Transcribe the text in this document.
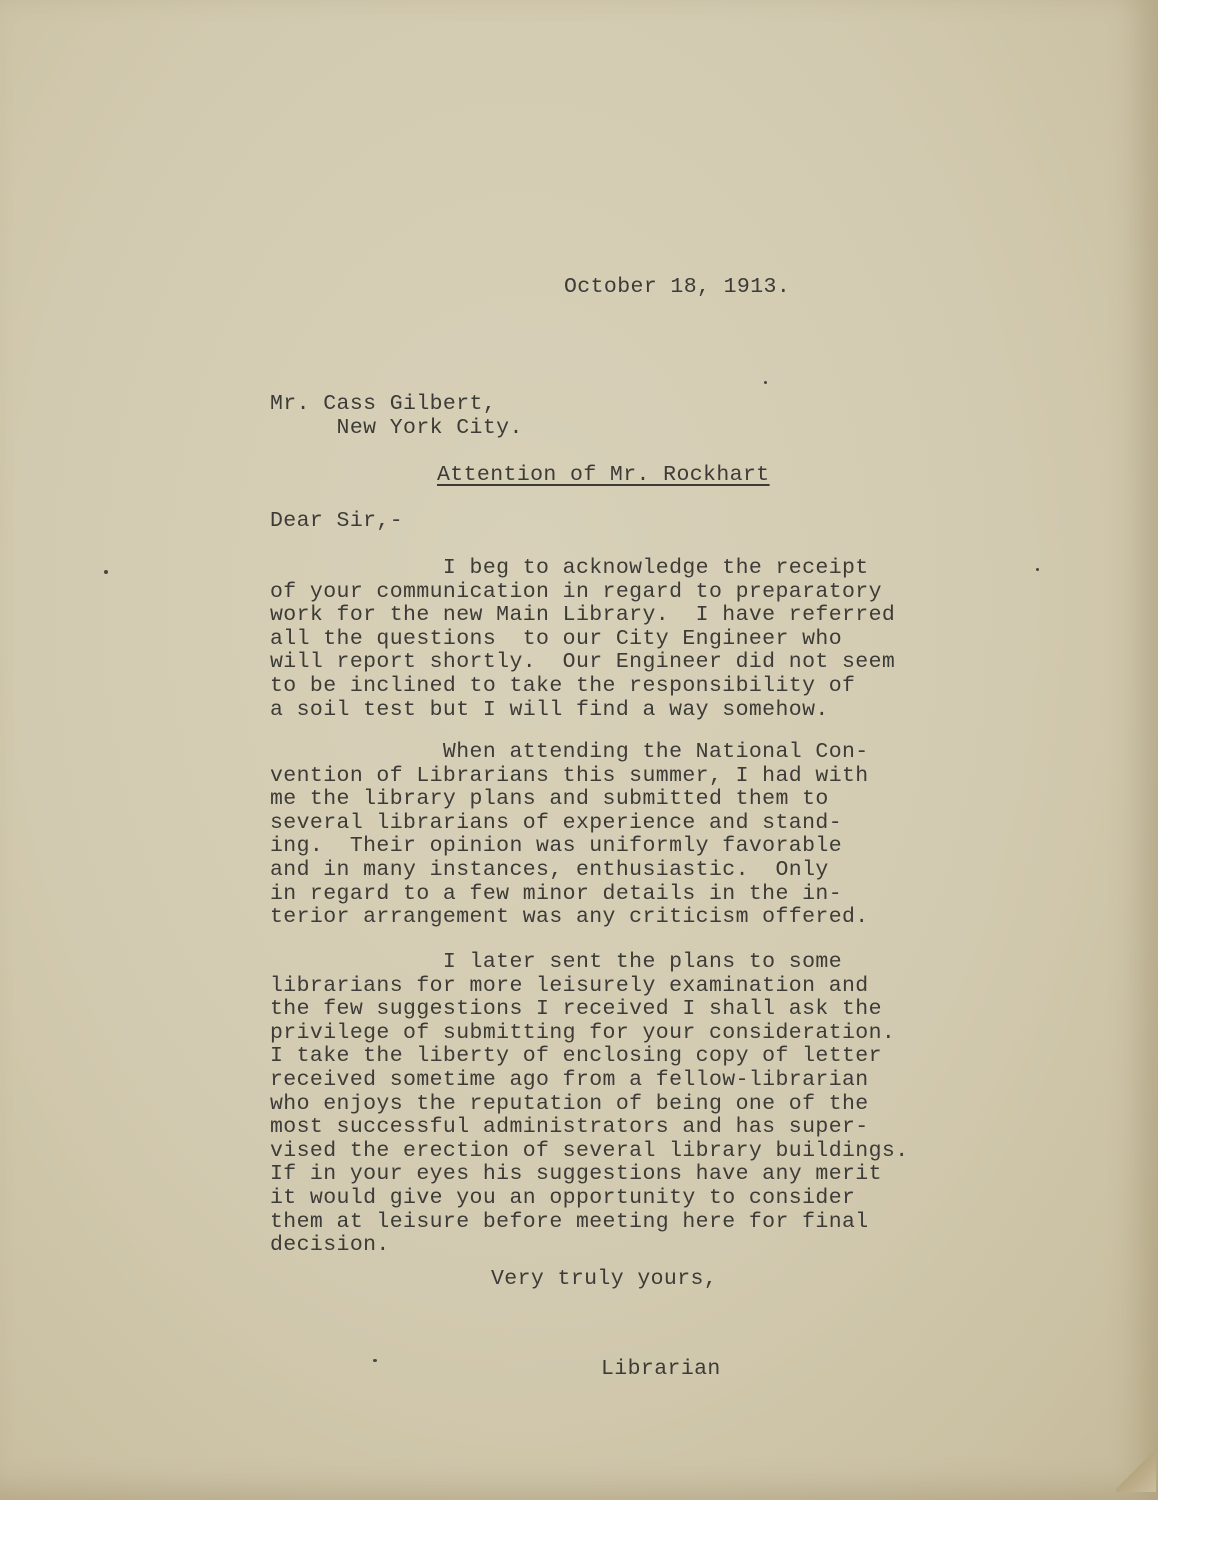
October 18, 1913.
Mr. Cass Gilbert,
New York City.
Attention of Mr. Rockhart
Dear Sir,-
I beg to acknowledge the receipt
of your communication in regard to preparatory
work for the new Main Library.  I have referred
all the questions  to our City Engineer who
will report shortly.  Our Engineer did not seem
to be inclined to take the responsibility of
a soil test but I will find a way somehow.
When attending the National Con-
vention of Librarians this summer, I had with
me the library plans and submitted them to
several librarians of experience and stand-
ing.  Their opinion was uniformly favorable
and in many instances, enthusiastic.  Only
in regard to a few minor details in the in-
terior arrangement was any criticism offered.
I later sent the plans to some
librarians for more leisurely examination and
the few suggestions I received I shall ask the
privilege of submitting for your consideration.
I take the liberty of enclosing copy of letter
received sometime ago from a fellow-librarian
who enjoys the reputation of being one of the
most successful administrators and has super-
vised the erection of several library buildings.
If in your eyes his suggestions have any merit
it would give you an opportunity to consider
them at leisure before meeting here for final
decision.
Very truly yours,
Librarian
